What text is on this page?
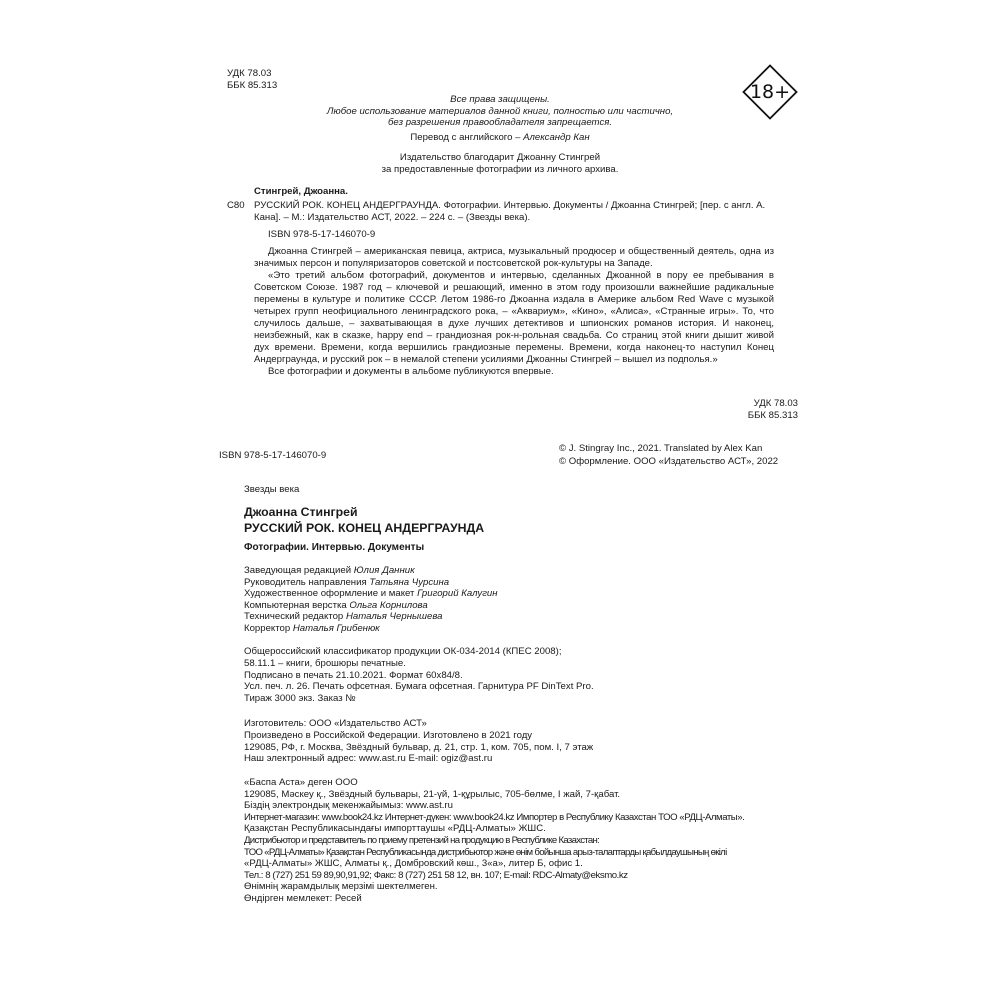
УДК 78.03
ББК 85.313	18+
Все права защищены.
Любое использование материалов данной книги, полностью или частично,
без разрешения правообладателя запрещается.
Перевод с английского – Александр Кан
Издательство благодарит Джоанну Стингрей
за предоставленные фотографии из личного архива.
Стингрей, Джоанна.
С80 РУССКИЙ РОК. КОНЕЦ АНДЕРГРАУНДА. Фотографии. Интервью. Документы / Джоанна Стингрей; [пер. с англ. А. Кана]. – М.: Издательство АСТ, 2022. – 224 с. – (Звезды века).
ISBN 978-5-17-146070-9

Джоанна Стингрей – американская певица, актриса, музыкальный продюсер и общественный деятель, одна из значимых персон и популяризаторов советской и постсоветской рок-культуры на Западе.

«Это третий альбом фотографий, документов и интервью, сделанных Джоанной в пору ее пребывания в Советском Союзе. 1987 год – ключевой и решающий, именно в этом году произошли важнейшие радикальные перемены в культуре и политике СССР. Летом 1986-го Джоанна издала в Америке альбом Red Wave с музыкой четырех групп неофициального ленинградского рока, – «Аквариум», «Кино», «Алиса», «Странные игры». То, что случилось дальше, – захватывающая в духе лучших детективов и шпионских романов история. И наконец, неизбежный, как в сказке, happy end – грандиозная рок-н-рольная свадьба. Со страниц этой книги дышит живой дух времени. Времени, когда вершились грандиозные перемены. Времени, когда наконец-то наступил Конец Андерграунда, и русский рок – в немалой степени усилиями Джоанны Стингрей – вышел из подполья.»

Все фотографии и документы в альбоме публикуются впервые.

УДК 78.03
ББК 85.313
ISBN 978-5-17-146070-9
© J. Stingray Inc., 2021. Translated by Alex Kan
© Оформление. ООО «Издательство АСТ», 2022
Звезды века
Джоанна Стингрей
РУССКИЙ РОК. КОНЕЦ АНДЕРГРАУНДА
Фотографии. Интервью. Документы
Заведующая редакцией Юлия Данник
Руководитель направления Татьяна Чурсина
Художественное оформление и макет Григорий Калугин
Компьютерная верстка Ольга Корнилова
Технический редактор Наталья Чернышева
Корректор Наталья Грибенюк
Общероссийский классификатор продукции ОК-034-2014 (КПЕС 2008);
58.11.1 – книги, брошюры печатные.
Подписано в печать 21.10.2021. Формат 60x84/8.
Усл. печ. л. 26. Печать офсетная. Бумага офсетная. Гарнитура PF DinText Pro.
Тираж 3000 экз. Заказ №
Изготовитель: ООО «Издательство АСТ»
Произведено в Российской Федерации. Изготовлено в 2021 году
129085, РФ, г. Москва, Звёздный бульвар, д. 21, стр. 1, ком. 705, пом. I, 7 этаж
Наш электронный адрес: www.ast.ru E-mail: ogiz@ast.ru
«Баспа Аста» деген ООО
129085, Мәскеу қ., Звёздный бульвары, 21-үй, 1-құрылыс, 705-бөлме, I жай, 7-қабат.
Біздің электрондық мекенжайымыз: www.ast.ru
Интернет-магазин: www.book24.kz Интернет-дүкен: www.book24.kz Импортер в Республику Казахстан ТОО «РДЦ-Алматы».
Қазақстан Республикасындағы импорттаушы «РДЦ-Алматы» ЖШС.
Дистрибьютор и представитель по приему претензий на продукцию в Республике Казахстан:
ТОО «РДЦ-Алматы» Қазақстан Республикасында дистрибьютор және өнім бойынша арыз-талаптарды қабылдаушының өкілі
«РДЦ-Алматы» ЖШС, Алматы қ., Домбровский көш., 3«а», литер Б, офис 1.
Тел.: 8 (727) 251 59 89,90,91,92; Факс: 8 (727) 251 58 12, вн. 107; E-mail: RDC-Almaty@eksmo.kz
Өнімнің жарамдылық мерзімі шектелмеген.
Өндірген мемлекет: Ресей
